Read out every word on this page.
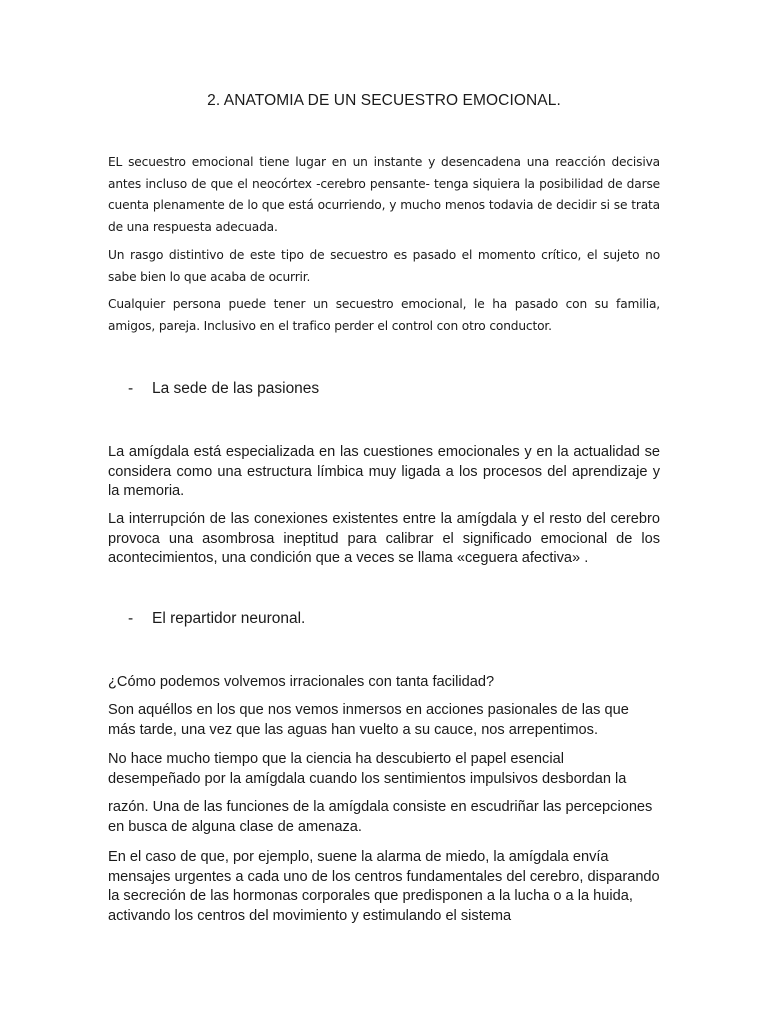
2. ANATOMIA DE UN SECUESTRO EMOCIONAL.

EL secuestro emocional tiene lugar en un instante y desencadena una reacción decisiva antes incluso de que el neocórtex -cerebro pensante- tenga siquiera la posibilidad de darse cuenta plenamente de lo que está ocurriendo, y mucho menos todavia de decidir si se trata de una respuesta adecuada.

Un rasgo distintivo de este tipo de secuestro es pasado el momento crítico, el sujeto no sabe bien lo que acaba de ocurrir.

Cualquier persona puede tener un secuestro emocional, le ha pasado con su familia, amigos, pareja. Inclusivo en el trafico perder el control con otro conductor.

-	La sede de las pasiones

La amígdala está especializada en las cuestiones emocionales y en la actualidad se considera como una estructura límbica muy ligada a los procesos del aprendizaje y la memoria.

La interrupción de las conexiones existentes entre la amígdala y el resto del cerebro provoca una asombrosa ineptitud para calibrar el significado emocional de los acontecimientos, una condición que a veces se llama «ceguera afectiva» .

-	El repartidor neuronal.

¿Cómo podemos volvemos irracionales con tanta facilidad?

Son aquéllos en los que nos vemos inmersos en acciones pasionales de las que más tarde, una vez que las aguas han vuelto a su cauce, nos arrepentimos.

No hace mucho tiempo que la ciencia ha descubierto el papel esencial desempeñado por la amígdala cuando los sentimientos impulsivos desbordan la

razón. Una de las funciones de la amígdala consiste en escudriñar las percepciones en busca de alguna clase de amenaza.

En el caso de que, por ejemplo, suene la alarma de miedo, la amígdala envía mensajes urgentes a cada uno de los centros fundamentales del cerebro, disparando la secreción de las hormonas corporales que predisponen a la lucha o a la huida, activando los centros del movimiento y estimulando el sistema
